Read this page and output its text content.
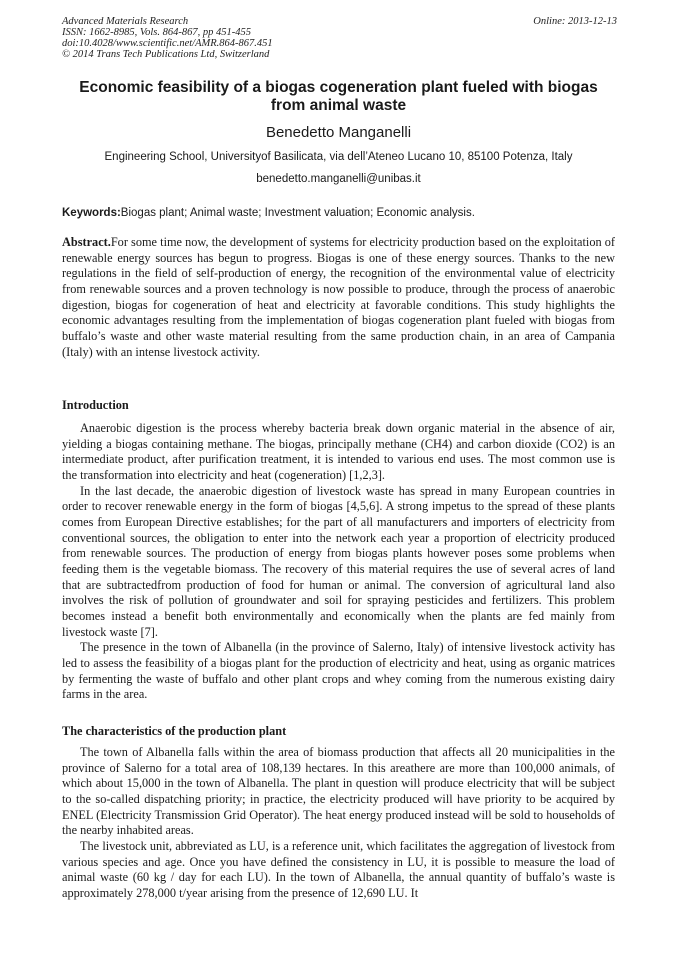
Advanced Materials Research
ISSN: 1662-8985, Vols. 864-867, pp 451-455
doi:10.4028/www.scientific.net/AMR.864-867.451
© 2014 Trans Tech Publications Ltd, Switzerland
Online: 2013-12-13
Economic feasibility of a biogas cogeneration plant fueled with biogas from animal waste
Benedetto Manganelli
Engineering School, Universityof Basilicata, via dell’Ateneo Lucano 10, 85100 Potenza, Italy
benedetto.manganelli@unibas.it
Keywords:Biogas plant; Animal waste; Investment valuation; Economic analysis.
Abstract.For some time now, the development of systems for electricity production based on the exploitation of renewable energy sources has begun to progress. Biogas is one of these energy sources. Thanks to the new regulations in the field of self-production of energy, the recognition of the environmental value of electricity from renewable sources and a proven technology is now possible to produce, through the process of anaerobic digestion, biogas for cogeneration of heat and electricity at favorable conditions. This study highlights the economic advantages resulting from the implementation of biogas cogeneration plant fueled with biogas from buffalo’s waste and other waste material resulting from the same production chain, in an area of Campania (Italy) with an intense livestock activity.
Introduction

Anaerobic digestion is the process whereby bacteria break down organic material in the absence of air, yielding a biogas containing methane. The biogas, principally methane (CH4) and carbon dioxide (CO2) is an intermediate product, after purification treatment, it is intended to various end uses. The most common use is the transformation into electricity and heat (cogeneration) [1,2,3].

In the last decade, the anaerobic digestion of livestock waste has spread in many European countries in order to recover renewable energy in the form of biogas [4,5,6]. A strong impetus to the spread of these plants comes from European Directive establishes; for the part of all manufacturers and importers of electricity from conventional sources, the obligation to enter into the network each year a proportion of electricity produced from renewable sources. The production of energy from biogas plants however poses some problems when feeding them is the vegetable biomass. The recovery of this material requires the use of several acres of land that are subtractedfrom production of food for human or animal. The conversion of agricultural land also involves the risk of pollution of groundwater and soil for spraying pesticides and fertilizers. This problem becomes instead a benefit both environmentally and economically when the plants are fed mainly from livestock waste [7].

The presence in the town of Albanella (in the province of Salerno, Italy) of intensive livestock activity has led to assess the feasibility of a biogas plant for the production of electricity and heat, using as organic matrices by fermenting the waste of buffalo and other plant crops and whey coming from the numerous existing dairy farms in the area.

The characteristics of the production plant

The town of Albanella falls within the area of biomass production that affects all 20 municipalities in the province of Salerno for a total area of 108,139 hectares. In this areathere are more than 100,000 animals, of which about 15,000 in the town of Albanella. The plant in question will produce electricity that will be subject to the so-called dispatching priority; in practice, the electricity produced will have priority to be acquired by ENEL (Electricity Transmission Grid Operator). The heat energy produced instead will be sold to households of the nearby inhabited areas.

The livestock unit, abbreviated as LU, is a reference unit, which facilitates the aggregation of livestock from various species and age. Once you have defined the consistency in LU, it is possible to measure the load of animal waste (60 kg / day for each LU). In the town of Albanella, the annual quantity of buffalo’s waste is approximately 278,000 t/year arising from the presence of 12,690 LU. It
